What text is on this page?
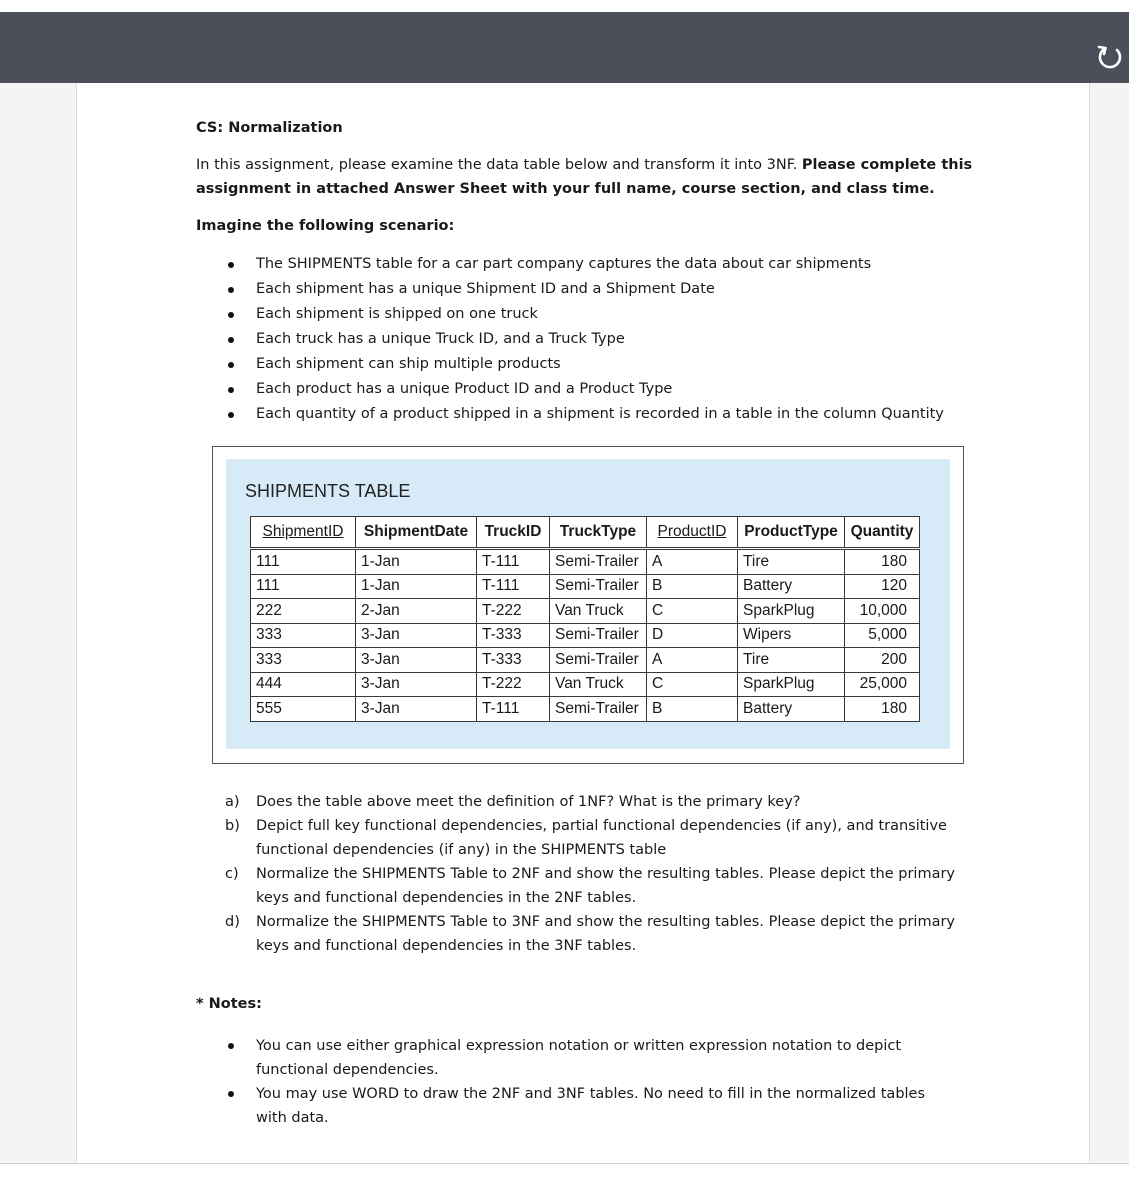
CS: Normalization

In this assignment, please examine the data table below and transform it into 3NF. Please complete this assignment in attached Answer Sheet with your full name, course section, and class time.

Imagine the following scenario:

The SHIPMENTS table for a car part company captures the data about car shipments
Each shipment has a unique Shipment ID and a Shipment Date
Each shipment is shipped on one truck
Each truck has a unique Truck ID, and a Truck Type
Each shipment can ship multiple products
Each product has a unique Product ID and a Product Type
Each quantity of a product shipped in a shipment is recorded in a table in the column Quantity
SHIPMENTS TABLE
ShipmentID	ShipmentDate	TruckID	TruckType	ProductID	ProductType	Quantity
111	1-Jan	T-111	Semi-Trailer	A	Tire	180
111	1-Jan	T-111	Semi-Trailer	B	Battery	120
222	2-Jan	T-222	Van Truck	C	SparkPlug	10,000
333	3-Jan	T-333	Semi-Trailer	D	Wipers	5,000
333	3-Jan	T-333	Semi-Trailer	A	Tire	200
444	3-Jan	T-222	Van Truck	C	SparkPlug	25,000
555	3-Jan	T-111	Semi-Trailer	B	Battery	180
a) Does the table above meet the definition of 1NF? What is the primary key?
b) Depict full key functional dependencies, partial functional dependencies (if any), and transitive functional dependencies (if any) in the SHIPMENTS table
c) Normalize the SHIPMENTS Table to 2NF and show the resulting tables. Please depict the primary keys and functional dependencies in the 2NF tables.
d) Normalize the SHIPMENTS Table to 3NF and show the resulting tables. Please depict the primary keys and functional dependencies in the 3NF tables.
* Notes:
You can use either graphical expression notation or written expression notation to depict functional dependencies.
You may use WORD to draw the 2NF and 3NF tables. No need to fill in the normalized tables with data.
